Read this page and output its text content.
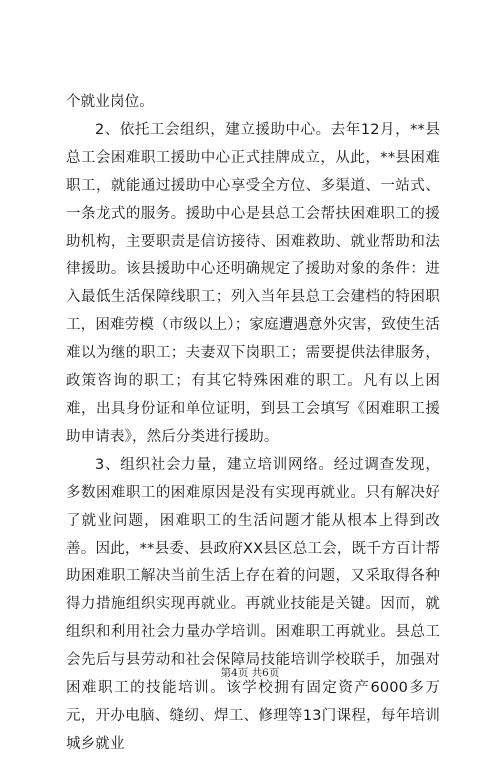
个就业岗位。

2、依托工会组织，建立援助中心。去年12月，**县总工会困难职工援助中心正式挂牌成立，从此，**县困难职工，就能通过援助中心享受全方位、多渠道、一站式、一条龙式的服务。援助中心是县总工会帮扶困难职工的援助机构，主要职责是信访接待、困难救助、就业帮助和法律援助。该县援助中心还明确规定了援助对象的条件：进入最低生活保障线职工；列入当年县总工会建档的特困职工，困难劳模（市级以上）；家庭遭遇意外灾害，致使生活难以为继的职工；夫妻双下岗职工；需要提供法律服务，政策咨询的职工；有其它特殊困难的职工。凡有以上困难，出具身份证和单位证明，到县工会填写《困难职工援助申请表》，然后分类进行援助。

3、组织社会力量，建立培训网络。经过调查发现，多数困难职工的困难原因是没有实现再就业。只有解决好了就业问题，困难职工的生活问题才能从根本上得到改善。因此，**县委、县政府XX县区总工会，既千方百计帮助困难职工解决当前生活上存在着的问题，又采取得各种得力措施组织实现再就业。再就业技能是关键。因而，就组织和利用社会力量办学培训。困难职工再就业。县总工会先后与县劳动和社会保障局技能培训学校联手，加强对困难职工的技能培训。该学校拥有固定资产6000多万元，开办电脑、缝纫、焊工、修理等13门课程，每年培训城乡就业

第4页 共6页
